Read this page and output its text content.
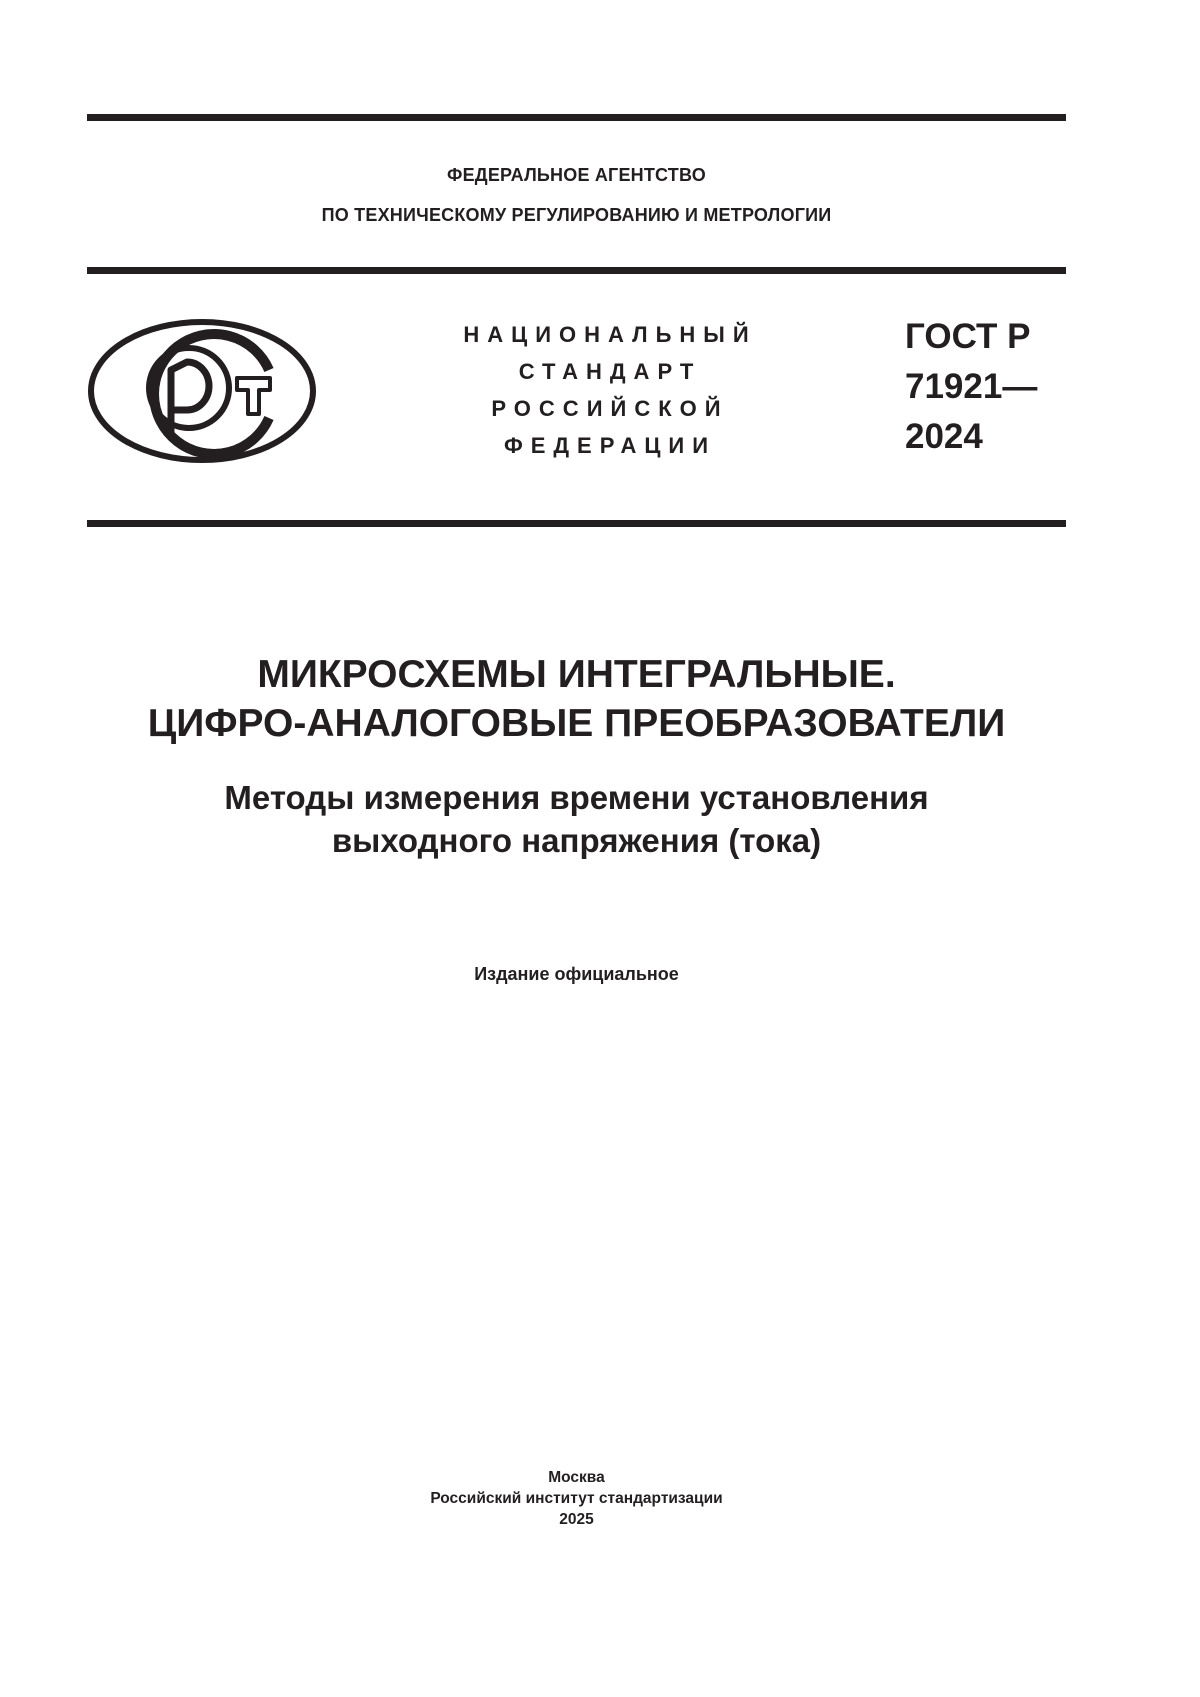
ФЕДЕРАЛЬНОЕ АГЕНТСТВО
ПО ТЕХНИЧЕСКОМУ РЕГУЛИРОВАНИЮ И МЕТРОЛОГИИ
НАЦИОНАЛЬНЫЙ
СТАНДАРТ
РОССИЙСКОЙ
ФЕДЕРАЦИИ
ГОСТ Р
71921—
2024
МИКРОСХЕМЫ ИНТЕГРАЛЬНЫЕ.
ЦИФРО-АНАЛОГОВЫЕ ПРЕОБРАЗОВАТЕЛИ
Методы измерения времени установления
выходного напряжения (тока)
Издание официальное
Москва
Российский институт стандартизации
2025
